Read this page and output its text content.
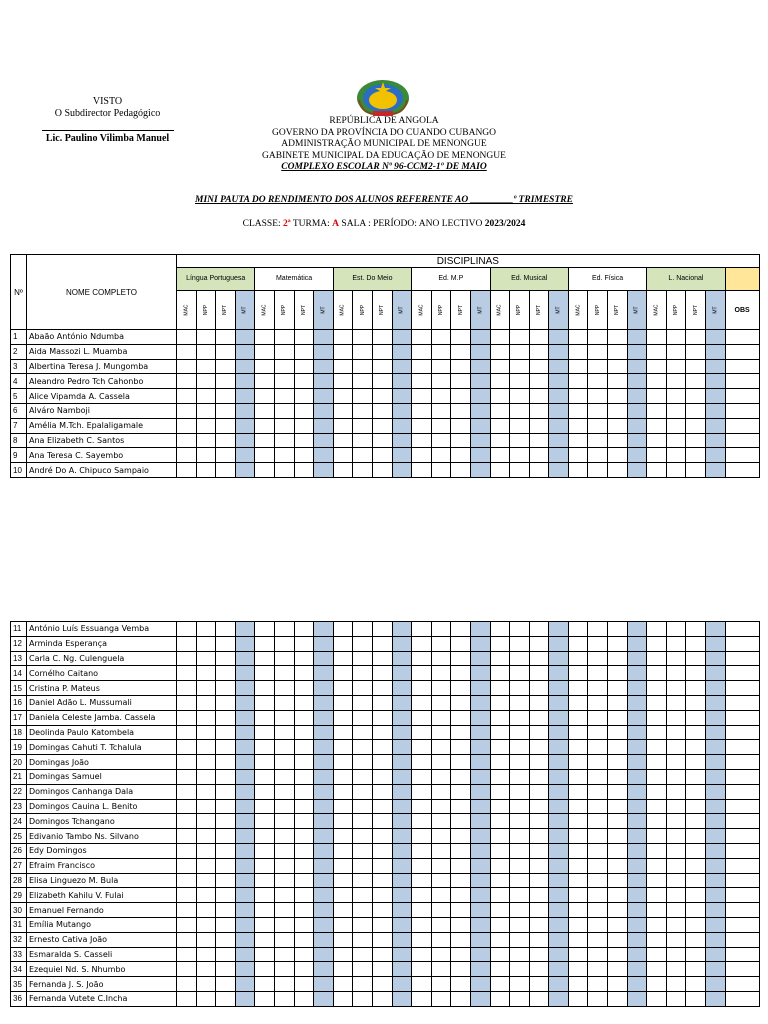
VISTO
O Subdirector Pedagógico
Lic. Paulino Vilimba Manuel
REPÚBLICA DE ANGOLA
GOVERNO DA PROVÍNCIA DO CUANDO CUBANGO
ADMINISTRAÇÃO MUNICIPAL DE MENONGUE
GABINETE MUNICIPAL DA EDUCAÇÃO DE MENONGUE
COMPLEXO ESCOLAR Nº 96-CCM2-1º DE MAIO
MINI PAUTA DO RENDIMENTO DOS ALUNOS REFERENTE AO _________º TRIMESTRE
CLASSE: 2ª TURMA: A SALA : PERÍODO: ANO LECTIVO 2023/2024
Nº	NOME COMPLETO	DISCIPLINAS																												
		Língua Portuguesa				Matemática				Est. Do Meio				Ed. M.P				Ed. Musical				Ed. Física				L. Nacional				
		MAC	NPP	NPT	MT	MAC	NPP	NPT	MT	MAC	NPP	NPT	MT	MAC	NPP	NPT	MT	MAC	NPP	NPT	MT	MAC	NPP	NPT	MT	MAC	NPP	NPT	MT	OBS
1	Abaão António Ndumba																													
2	Aida Massozi L. Muamba																													
3	Albertina Teresa J. Mungomba																													
4	Aleandro Pedro Tch Cahonbo																													
5	Alice Vipamda A. Cassela																													
6	Alváro Namboji																													
7	Amélia M.Tch. Epalaligamale																													
8	Ana Elizabeth C. Santos																													
9	Ana Teresa C. Sayembo																													
10	André Do A. Chipuco Sampaio																													
11	António Luís Essuanga Vemba																													
12	Arminda Esperança																													
13	Carla C. Ng. Culenguela																													
14	Cornélho Caitano																													
15	Cristina P. Mateus																													
16	Daniel Adão L. Mussumali																													
17	Daniela Celeste Jamba. Cassela																													
18	Deolinda Paulo Katombela																													
19	Domingas Cahuti T. Tchalula																													
20	Domingas João																													
21	Domingas Samuel																													
22	Domingos Canhanga Dala																													
23	Domingos Cauina L. Benito																													
24	Domingos Tchangano																													
25	Edivanio Tambo Ns. Silvano																													
26	Edy Domingos																													
27	Efraim Francisco																													
28	Elisa Linguezo M. Bula																													
29	Elizabeth Kahilu V. Fulai																													
30	Emanuel Fernando																													
31	Emília Mutango																													
32	Ernesto Cativa João																													
33	Esmaralda S. Casseli																													
34	Ezequiel Nd. S. Nhumbo																													
35	Fernanda J. S. João																													
36	Fernanda Vutete C.Incha																													
